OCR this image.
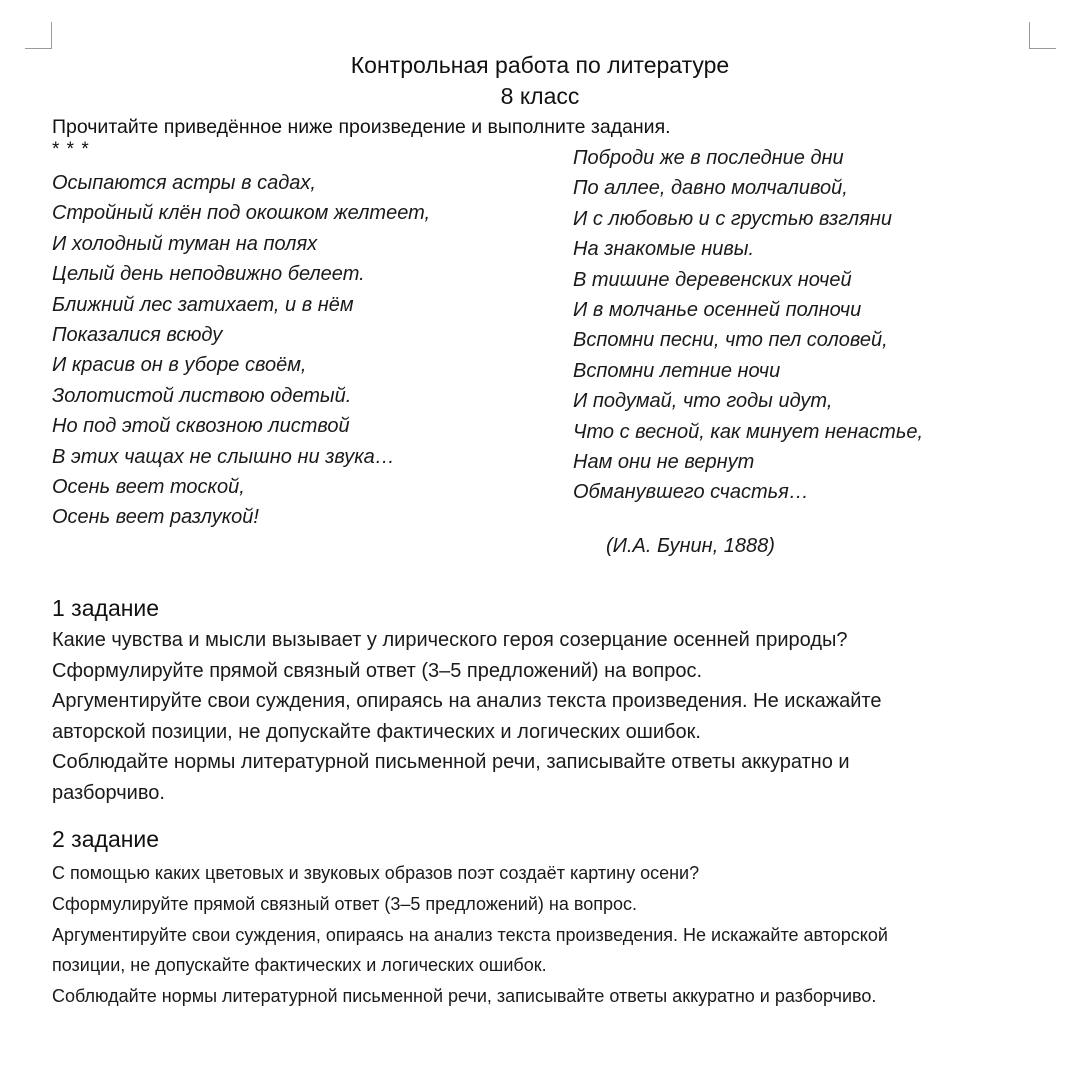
Контрольная работа по литературе
8 класс
Прочитайте приведённое ниже произведение и выполните задания.
* * *
Осыпаются астры в садах,
Стройный клён под окошком желтеет,
И холодный туман на полях
Целый день неподвижно белеет.
Ближний лес затихает, и в нём
Показалися всюду
И красив он в уборе своём,
Золотистой листвою одетый.
Но под этой сквозною листвой
В этих чащах не слышно ни звука…
Осень веет тоской,
Осень веет разлукой!
Поброди же в последние дни
По аллее, давно молчаливой,
И с любовью и с грустью взгляни
На знакомые нивы.
В тишине деревенских ночей
И в молчанье осенней полночи
Вспомни песни, что пел соловей,
Вспомни летние ночи
И подумай, что годы идут,
Что с весной, как минует ненастье,
Нам они не вернут
Обманувшего счастья…
(И.А. Бунин, 1888)
1 задание
Какие чувства и мысли вызывает у лирического героя созерцание осенней природы?
Сформулируйте прямой связный ответ (3–5 предложений) на вопрос.
Аргументируйте свои суждения, опираясь на анализ текста произведения. Не искажайте
авторской позиции, не допускайте фактических и логических ошибок.
Соблюдайте нормы литературной письменной речи, записывайте ответы аккуратно и
разборчиво.
2 задание
С помощью каких цветовых и звуковых образов поэт создаёт картину осени?
Сформулируйте прямой связный ответ (3–5 предложений) на вопрос.
Аргументируйте свои суждения, опираясь на анализ текста произведения. Не искажайте авторской
позиции, не допускайте фактических и логических ошибок.
Соблюдайте нормы литературной письменной речи, записывайте ответы аккуратно и разборчиво.
